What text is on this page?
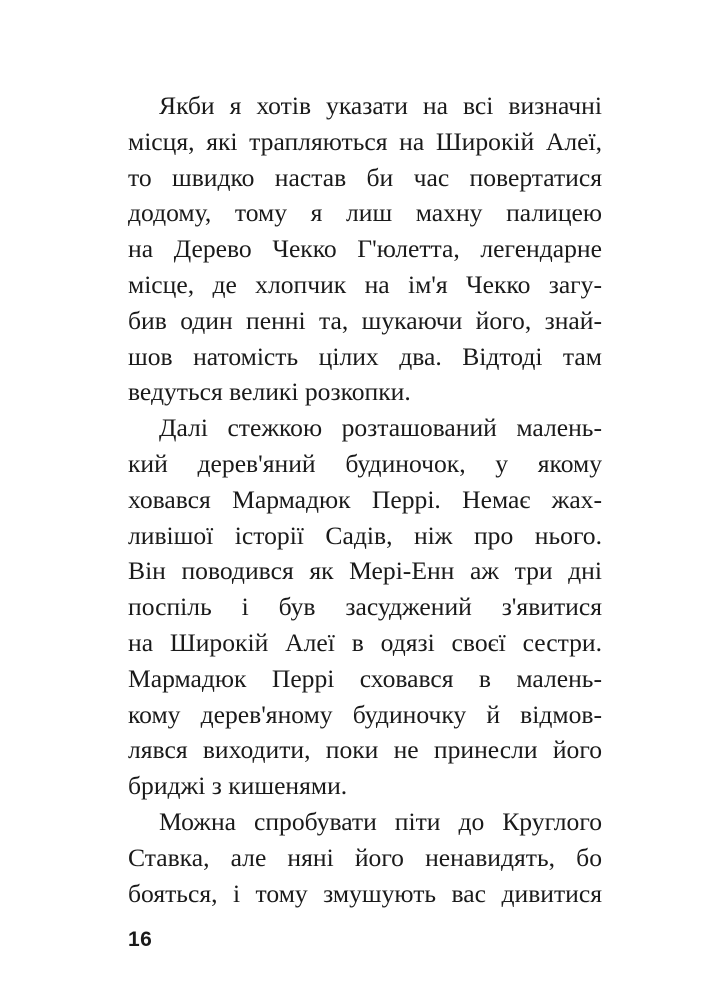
Якби я хотів указати на всі визначні
місця, які трапляються на Широкій Алеї,
то швидко настав би час повертатися
додому, тому я лиш махну палицею
на Дерево Чекко Г'юлетта, легендарне
місце, де хлопчик на ім'я Чекко загу-
бив один пенні та, шукаючи його, знай-
шов натомість цілих два. Відтоді там
ведуться великі розкопки.
Далі стежкою розташований малень-
кий дерев'яний будиночок, у якому
ховався Мармадюк Перрі. Немає жах-
ливішої історії Садів, ніж про нього.
Він поводився як Мері-Енн аж три дні
поспіль і був засуджений з'явитися
на Широкій Алеї в одязі своєї сестри.
Мармадюк Перрі сховався в малень-
кому дерев'яному будиночку й відмов-
лявся виходити, поки не принесли його
бриджі з кишенями.
Можна спробувати піти до Круглого
Ставка, але няні його ненавидять, бо
бояться, і тому змушують вас дивитися
16
